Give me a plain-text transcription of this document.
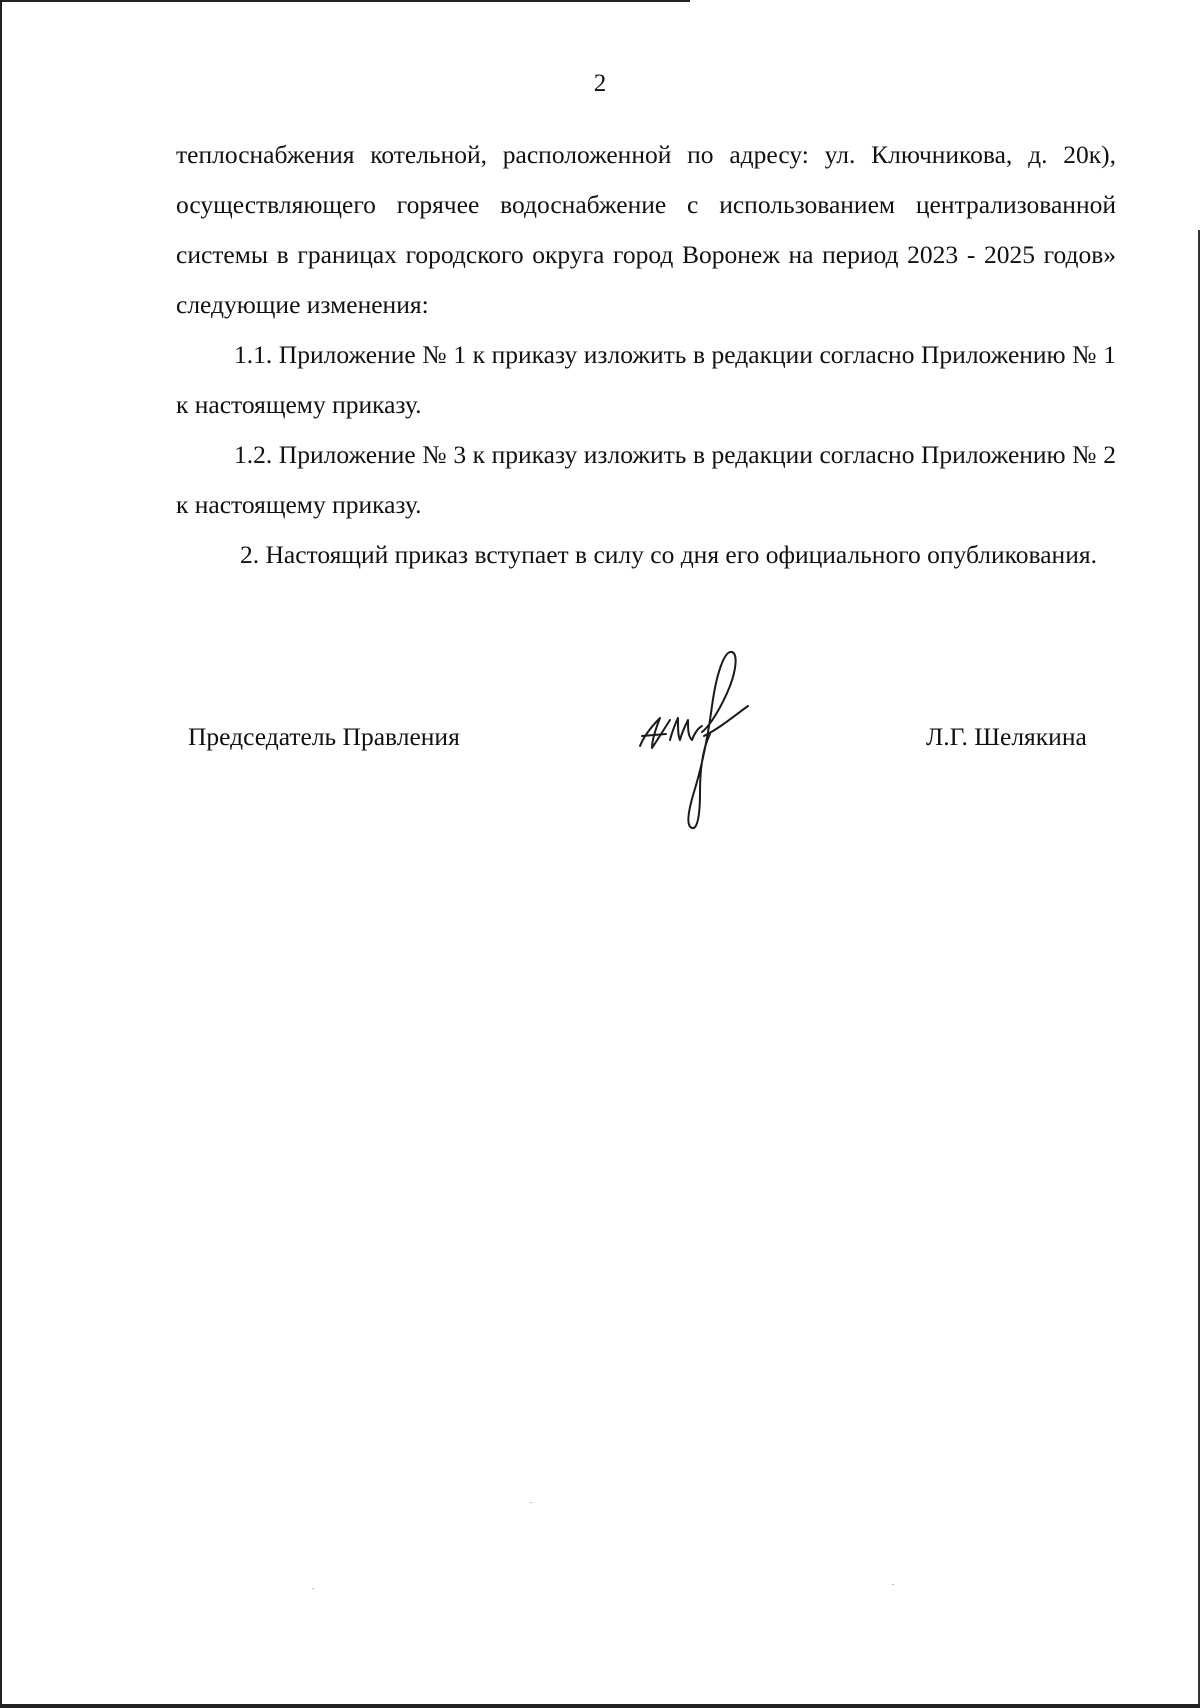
2

теплоснабжения котельной, расположенной по адресу: ул. Ключникова, д. 20к), осуществляющего горячее водоснабжение с использованием централизованной системы в границах городского округа город Воронеж на период 2023 - 2025 годов» следующие изменения:

1.1. Приложение № 1 к приказу изложить в редакции согласно Приложению № 1 к настоящему приказу.

1.2. Приложение № 3 к приказу изложить в редакции согласно Приложению № 2 к настоящему приказу.

2. Настоящий приказ вступает в силу со дня его официального опубликования.

Председатель Правления	Л.Г. Шелякина
